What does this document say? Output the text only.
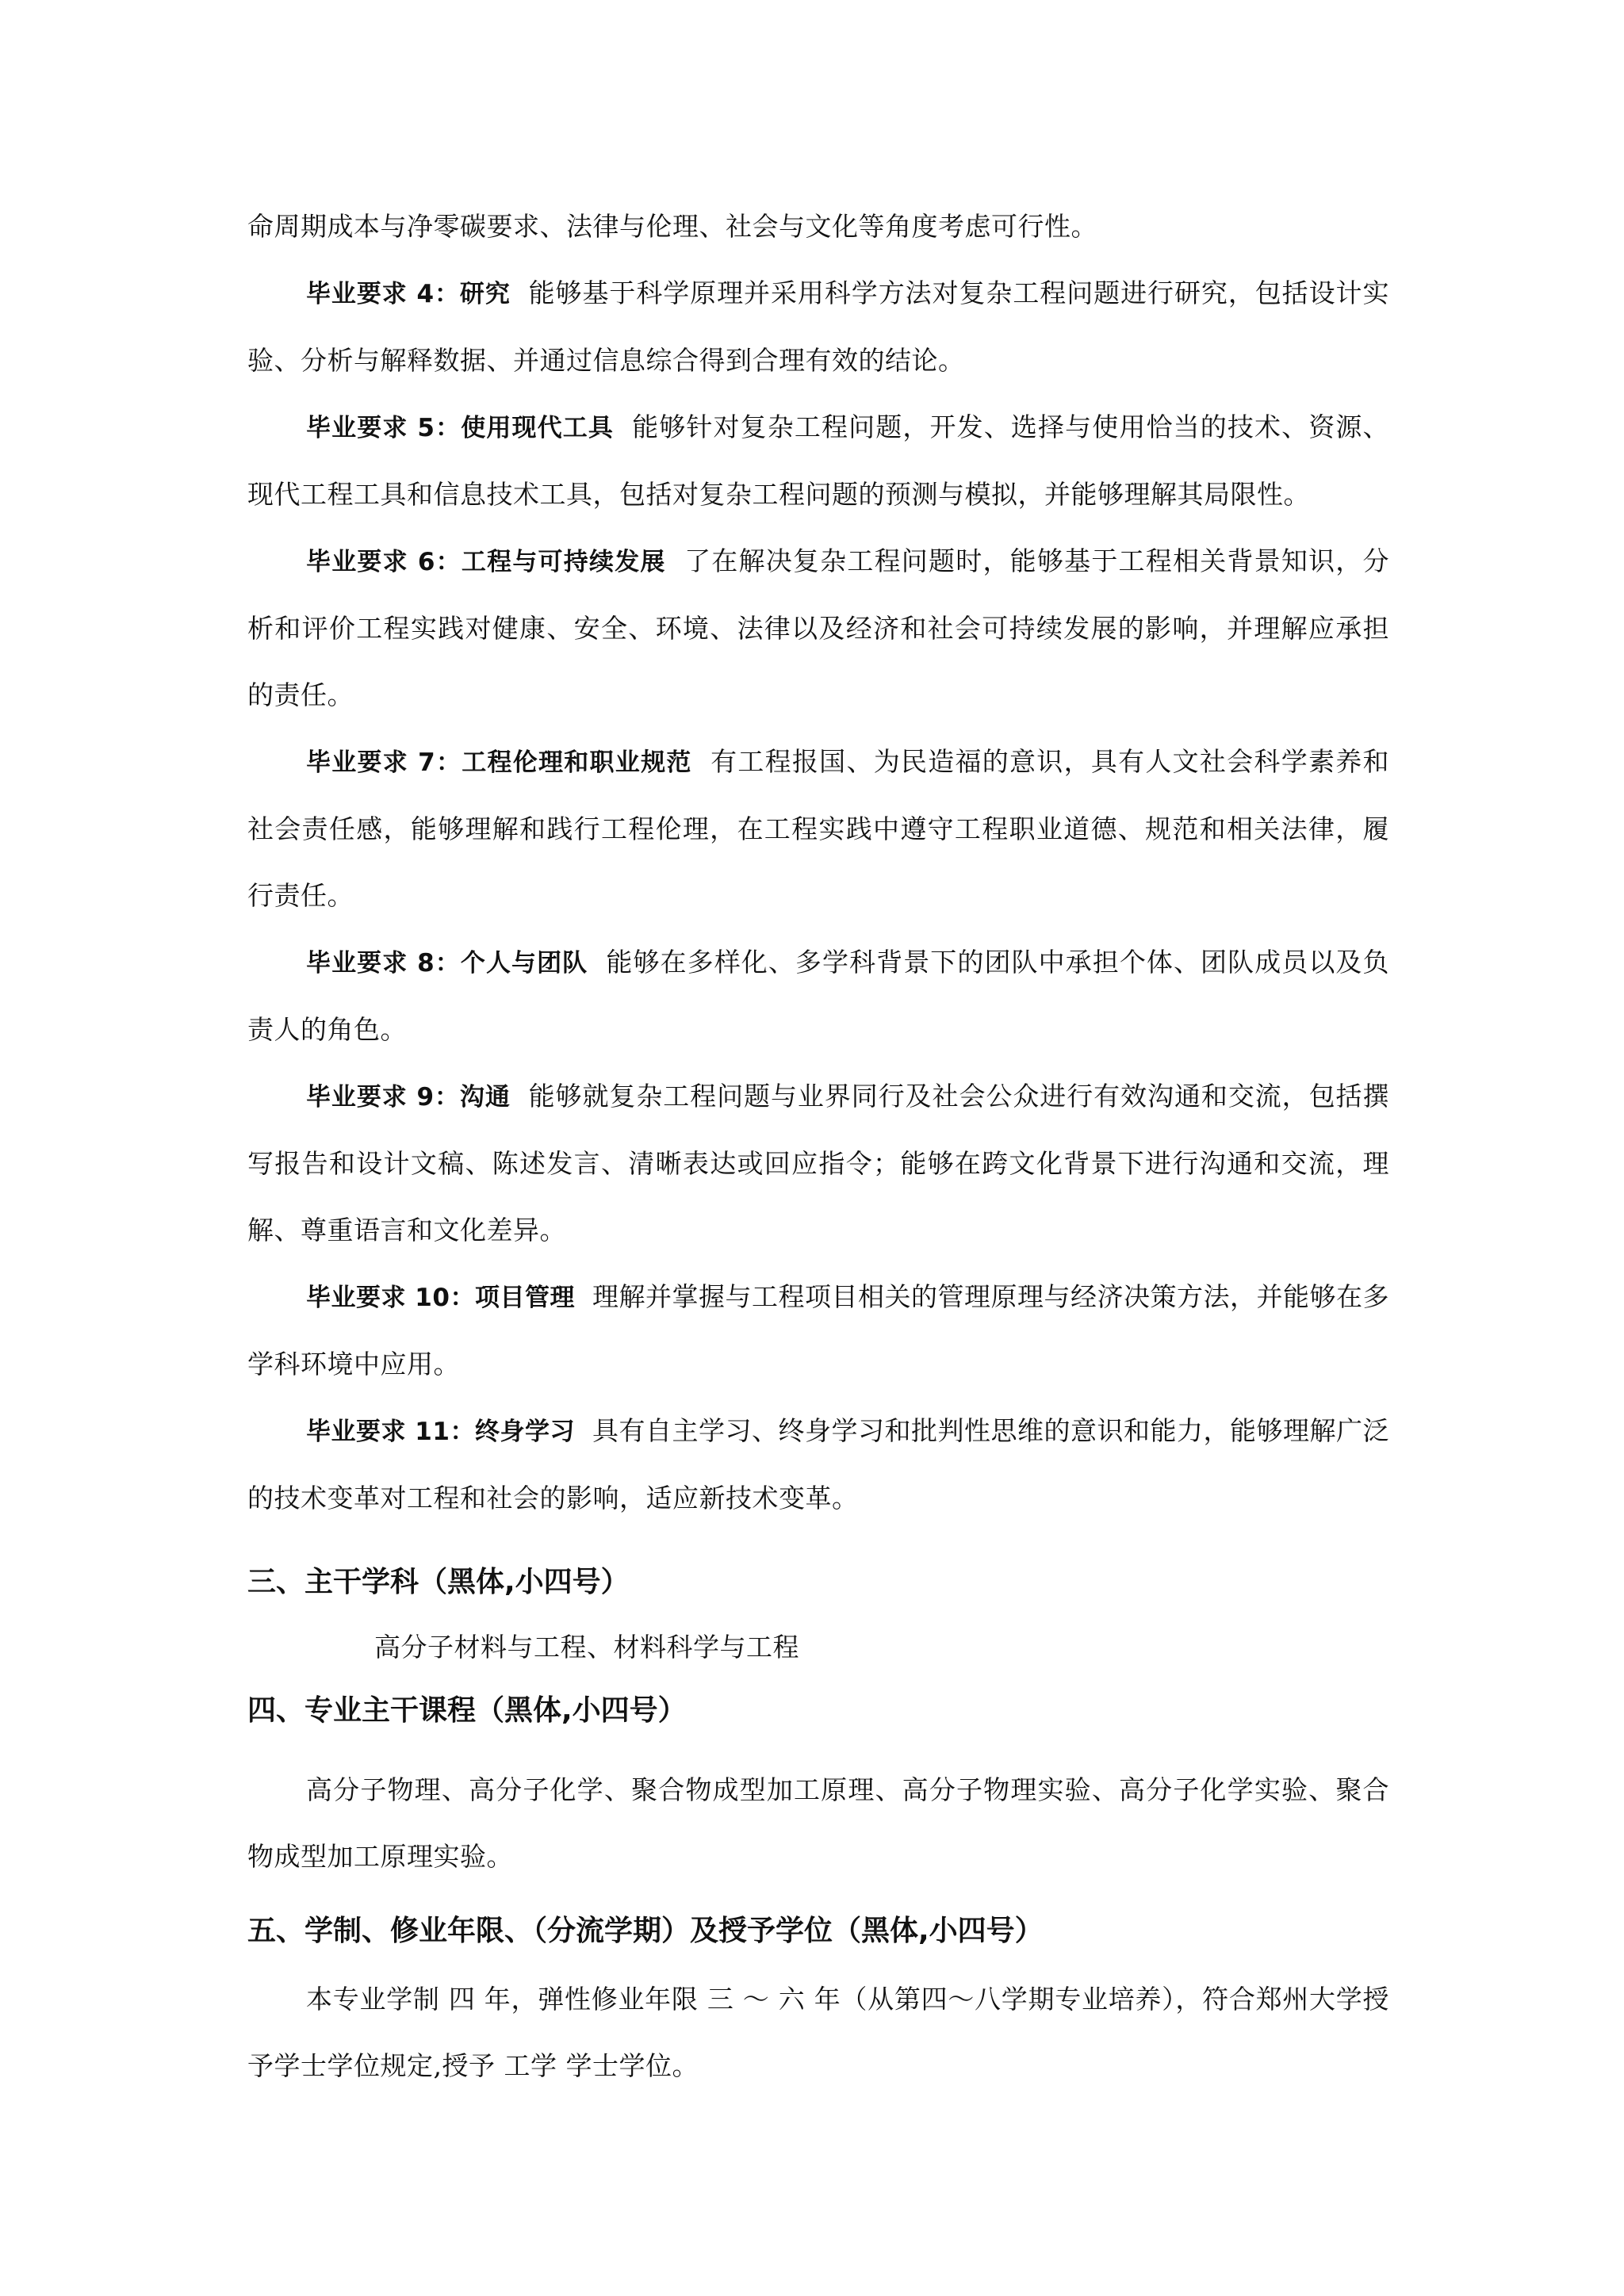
命周期成本与净零碳要求、法律与伦理、社会与文化等角度考虑可行性。

毕业要求 4：研究 能够基于科学原理并采用科学方法对复杂工程问题进行研究，包括设计实验、分析与解释数据、并通过信息综合得到合理有效的结论。

毕业要求 5：使用现代工具 能够针对复杂工程问题，开发、选择与使用恰当的技术、资源、现代工程工具和信息技术工具，包括对复杂工程问题的预测与模拟，并能够理解其局限性。

毕业要求 6：工程与可持续发展 了在解决复杂工程问题时，能够基于工程相关背景知识，分析和评价工程实践对健康、安全、环境、法律以及经济和社会可持续发展的影响，并理解应承担的责任。

毕业要求 7：工程伦理和职业规范 有工程报国、为民造福的意识，具有人文社会科学素养和社会责任感，能够理解和践行工程伦理，在工程实践中遵守工程职业道德、规范和相关法律，履行责任。

毕业要求 8：个人与团队 能够在多样化、多学科背景下的团队中承担个体、团队成员以及负责人的角色。

毕业要求 9：沟通 能够就复杂工程问题与业界同行及社会公众进行有效沟通和交流，包括撰写报告和设计文稿、陈述发言、清晰表达或回应指令；能够在跨文化背景下进行沟通和交流，理解、尊重语言和文化差异。

毕业要求 10：项目管理 理解并掌握与工程项目相关的管理原理与经济决策方法，并能够在多学科环境中应用。

毕业要求 11：终身学习 具有自主学习、终身学习和批判性思维的意识和能力，能够理解广泛的技术变革对工程和社会的影响，适应新技术变革。

三、主干学科（黑体,小四号）

高分子材料与工程、材料科学与工程

四、专业主干课程（黑体,小四号）

高分子物理、高分子化学、聚合物成型加工原理、高分子物理实验、高分子化学实验、聚合物成型加工原理实验。

五、学制、修业年限、（分流学期）及授予学位（黑体,小四号）

本专业学制 四 年，弹性修业年限 三 ～ 六 年（从第四～八学期专业培养），符合郑州大学授予学士学位规定,授予 工学 学士学位。
